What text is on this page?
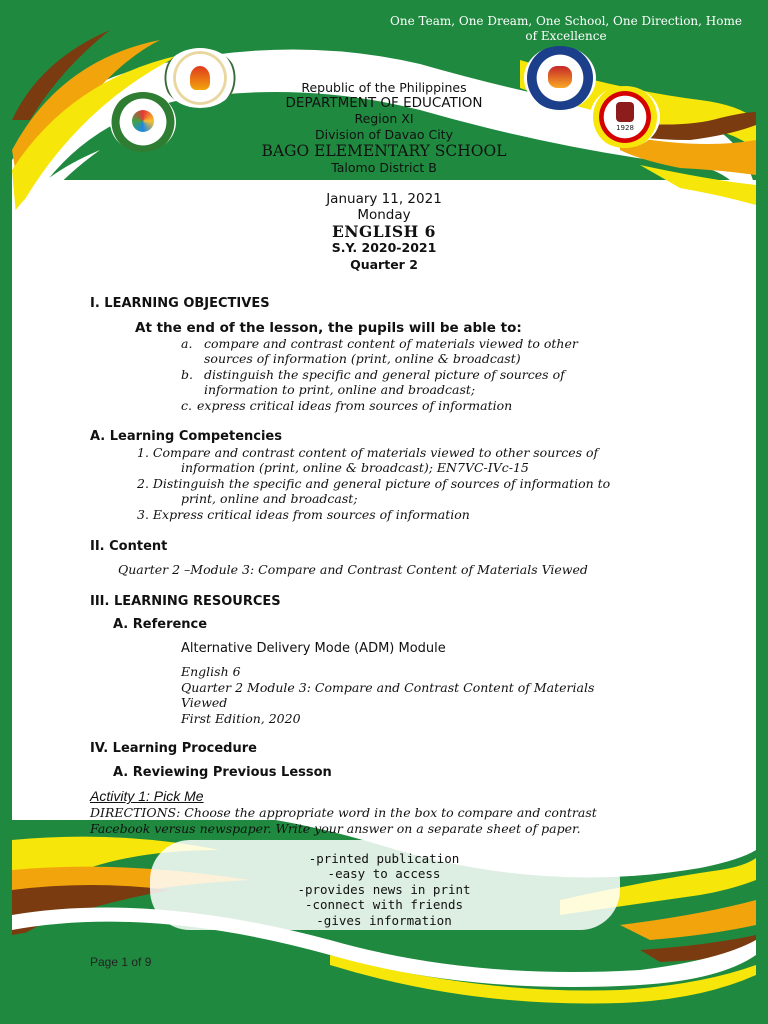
One Team, One Dream, One School, One Direction, Home of Excellence
1928
Republic of the Philippines
DEPARTMENT OF EDUCATION
Region XI
Division of Davao City
BAGO ELEMENTARY SCHOOL
Talomo District B
January 11, 2021
Monday
ENGLISH 6
S.Y. 2020-2021
Quarter 2
I. LEARNING OBJECTIVES
At the end of the lesson, the pupils will be able to:
a. compare and contrast content of materials viewed to other
sources of information (print, online & broadcast)
b. distinguish the specific and general picture of sources of
information to print, online and broadcast;
c. express critical ideas from sources of information
A. Learning Competencies
1. Compare and contrast content of materials viewed to other sources of
information (print, online & broadcast); EN7VC-IVc-15
2. Distinguish the specific and general picture of sources of information to
print, online and broadcast;
3. Express critical ideas from sources of information
II. Content
Quarter 2 –Module 3: Compare and Contrast Content of Materials Viewed
III. LEARNING RESOURCES
A. Reference
Alternative Delivery Mode (ADM) Module
English 6
Quarter 2 Module 3: Compare and Contrast Content of Materials
Viewed
First Edition, 2020
IV. Learning Procedure
A. Reviewing Previous Lesson
Activity 1: Pick Me
DIRECTIONS: Choose the appropriate word in the box to compare and contrast
Facebook versus newspaper. Write your answer on a separate sheet of paper.
-printed publication
-easy to access
-provides news in print
-connect with friends
-gives information
Page 1 of 9
